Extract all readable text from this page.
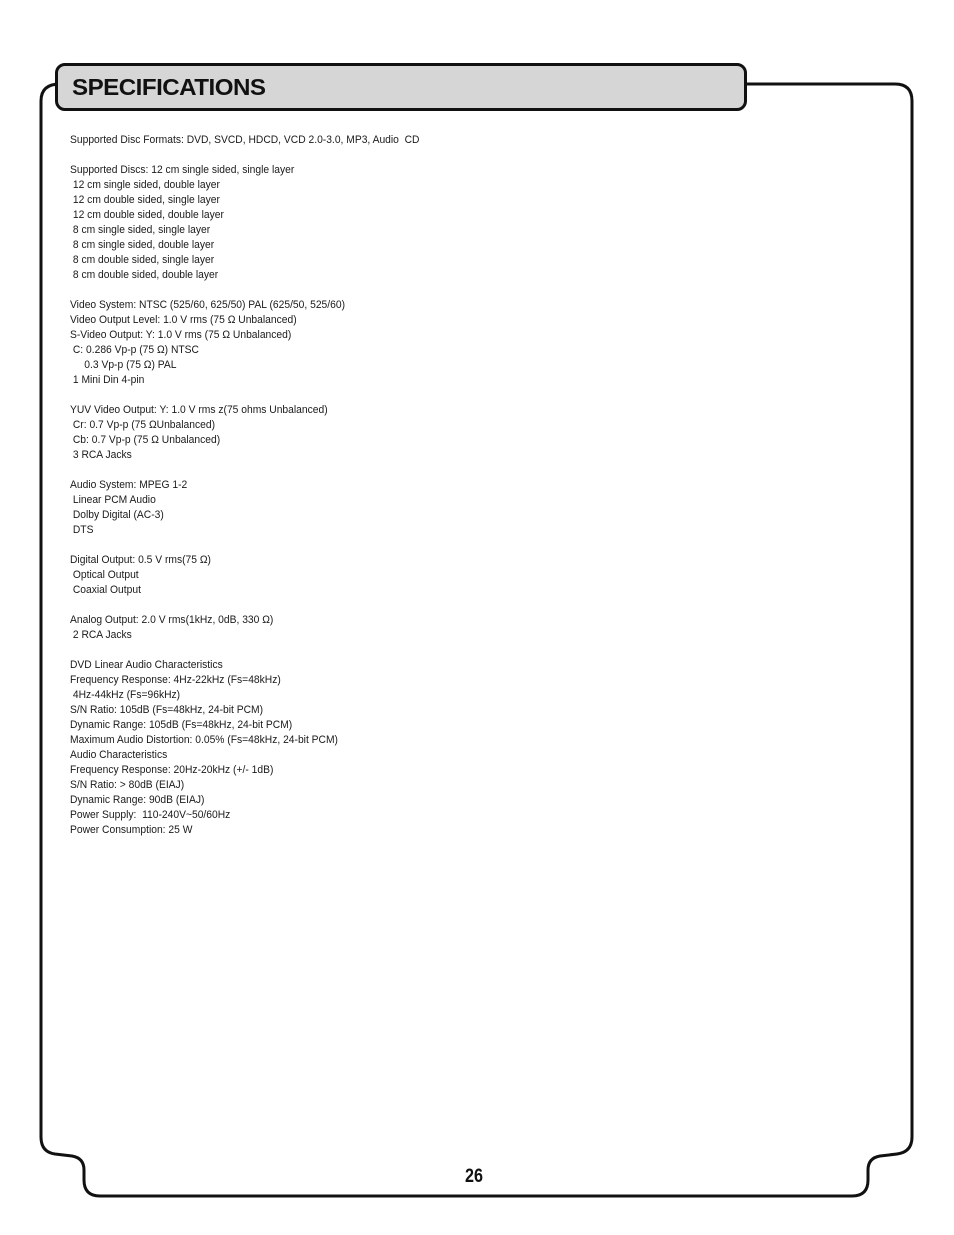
SPECIFICATIONS
Supported Disc Formats: DVD, SVCD, HDCD, VCD 2.0-3.0, MP3, Audio  CD
Supported Discs: 12 cm single sided, single layer
12 cm single sided, double layer
12 cm double sided, single layer
12 cm double sided, double layer
8 cm single sided, single layer
8 cm single sided, double layer
8 cm double sided, single layer
8 cm double sided, double layer
Video System: NTSC (525/60, 625/50) PAL (625/50, 525/60)
Video Output Level: 1.0 V rms (75 Ω Unbalanced)
S-Video Output: Y: 1.0 V rms (75 Ω Unbalanced)
C: 0.286 Vp-p (75 Ω) NTSC
0.3 Vp-p (75 Ω) PAL
1 Mini Din 4-pin
YUV Video Output: Y: 1.0 V rms z(75 ohms Unbalanced)
Cr: 0.7 Vp-p (75 ΩUnbalanced)
Cb: 0.7 Vp-p (75 Ω Unbalanced)
3 RCA Jacks
Audio System: MPEG 1-2
Linear PCM Audio
Dolby Digital (AC-3)
DTS
Digital Output: 0.5 V rms(75 Ω)
Optical Output
Coaxial Output
Analog Output: 2.0 V rms(1kHz, 0dB, 330 Ω)
2 RCA Jacks
DVD Linear Audio Characteristics
Frequency Response: 4Hz-22kHz (Fs=48kHz)
4Hz-44kHz (Fs=96kHz)
S/N Ratio: 105dB (Fs=48kHz, 24-bit PCM)
Dynamic Range: 105dB (Fs=48kHz, 24-bit PCM)
Maximum Audio Distortion: 0.05% (Fs=48kHz, 24-bit PCM)
Audio Characteristics
Frequency Response: 20Hz-20kHz (+/- 1dB)
S/N Ratio: > 80dB (EIAJ)
Dynamic Range: 90dB (EIAJ)
Power Supply:  110-240V~50/60Hz
Power Consumption: 25 W
26
